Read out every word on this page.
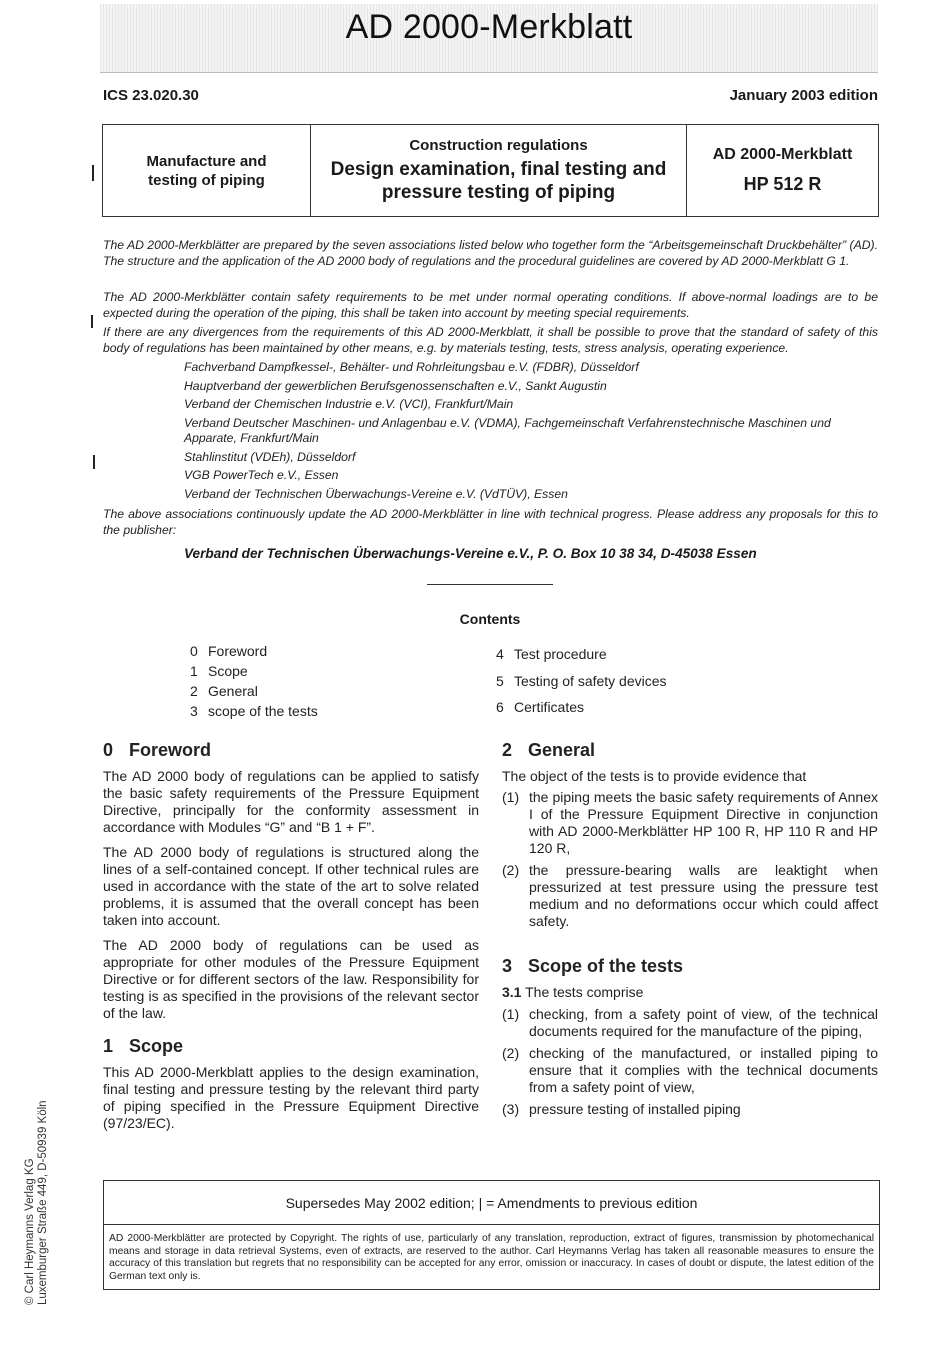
AD 2000-Merkblatt
ICS 23.020.30	January 2003 edition
Manufacture and
testing of piping
Construction regulations
Design examination, final testing and
pressure testing of piping
AD 2000-Merkblatt
HP 512 R
The AD 2000-Merkblätter are prepared by the seven associations listed below who together form the “Arbeitsgemeinschaft Druckbehälter” (AD). The structure and the application of the AD 2000 body of regulations and the procedural guidelines are covered by AD 2000-Merkblatt G 1.
The AD 2000-Merkblätter contain safety requirements to be met under normal operating conditions. If above-normal loadings are to be expected during the operation of the piping, this shall be taken into account by meeting special requirements.
If there are any divergences from the requirements of this AD 2000-Merkblatt, it shall be possible to prove that the standard of safety of this body of regulations has been maintained by other means, e.g. by materials testing, tests, stress analysis, operating experience.
Fachverband Dampfkessel-, Behälter- und Rohrleitungsbau e.V. (FDBR), Düsseldorf
Hauptverband der gewerblichen Berufsgenossenschaften e.V., Sankt Augustin
Verband der Chemischen Industrie e.V. (VCI), Frankfurt/Main
Verband Deutscher Maschinen- und Anlagenbau e.V. (VDMA), Fachgemeinschaft Verfahrenstechnische Maschinen und Apparate, Frankfurt/Main
Stahlinstitut (VDEh), Düsseldorf
VGB PowerTech e.V., Essen
Verband der Technischen Überwachungs-Vereine e.V. (VdTÜV), Essen
The above associations continuously update the AD 2000-Merkblätter in line with technical progress. Please address any proposals for this to the publisher:
Verband der Technischen Überwachungs-Vereine e.V., P. O. Box 10 38 34, D-45038 Essen
Contents
0 Foreword
1 Scope
2 General
3 scope of the tests
4 Test procedure
5 Testing of safety devices
6 Certificates
0 Foreword

The AD 2000 body of regulations can be applied to satisfy the basic safety requirements of the Pressure Equipment Directive, principally for the conformity assessment in accordance with Modules “G” and “B 1 + F”.

The AD 2000 body of regulations is structured along the lines of a self-contained concept. If other technical rules are used in accordance with the state of the art to solve related problems, it is assumed that the overall concept has been taken into account.

The AD 2000 body of regulations can be used as appropriate for other modules of the Pressure Equipment Directive or for different sectors of the law. Responsibility for testing is as specified in the provisions of the relevant sector of the law.

1 Scope

This AD 2000-Merkblatt applies to the design examination, final testing and pressure testing by the relevant third party of piping specified in the Pressure Equipment Directive (97/23/EC).

2 General

The object of the tests is to provide evidence that

(1) the piping meets the basic safety requirements of Annex I of the Pressure Equipment Directive in conjunction with AD 2000-Merkblätter HP 100 R, HP 110 R and HP 120 R,
(2) the pressure-bearing walls are leaktight when pressurized at test pressure using the pressure test medium and no deformations occur which could affect safety.
3 Scope of the tests
3.1 The tests comprise
(1) checking, from a safety point of view, of the technical documents required for the manufacture of the piping,
(2) checking of the manufactured, or installed piping to ensure that it complies with the technical documents from a safety point of view,
(3) pressure testing of installed piping
© Carl Heymanns Verlag KG Luxemburger Straße 449, D-50939 Köln	Supersedes May 2002 edition; | = Amendments to previous edition
AD 2000-Merkblätter are protected by Copyright. The rights of use, particularly of any translation, reproduction, extract of figures, transmission by photomechanical means and storage in data retrieval Systems, even of extracts, are reserved to the author. Carl Heymanns Verlag has taken all reasonable measures to ensure the accuracy of this translation but regrets that no responsibility can be accepted for any error, omission or inaccuracy. In cases of doubt or dispute, the latest edition of the German text only is.
